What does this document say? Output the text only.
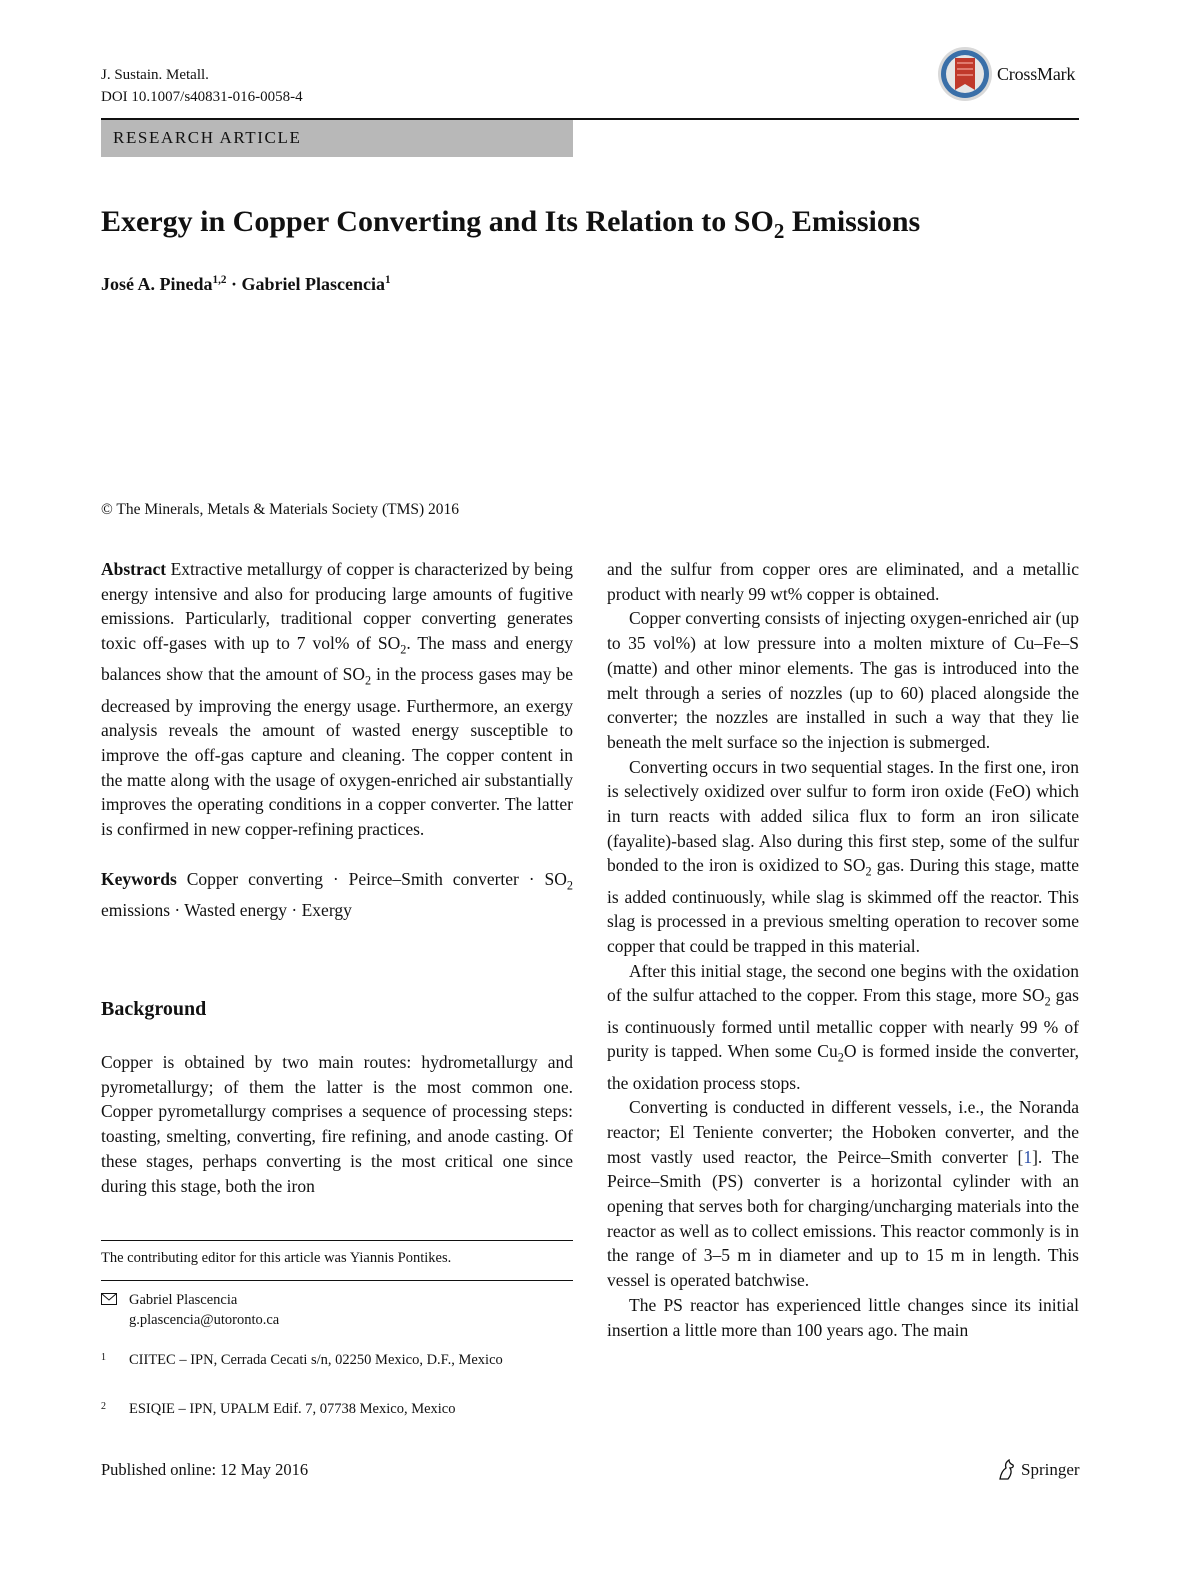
J. Sustain. Metall.
DOI 10.1007/s40831-016-0058-4
CrossMark
RESEARCH ARTICLE
Exergy in Copper Converting and Its Relation to $SO_2$ Emissions
José A. Pineda$^{1,2}$ · Gabriel Plascencia$^1$
© The Minerals, Metals & Materials Society (TMS) 2016

Abstract Extractive metallurgy of copper is characterized by being energy intensive and also for producing large amounts of fugitive emissions. Particularly, traditional copper converting generates toxic off-gases with up to 7 vol% of $SO_2$. The mass and energy balances show that the amount of $SO_2$ in the process gases may be decreased by improving the energy usage. Furthermore, an exergy analysis reveals the amount of wasted energy susceptible to improve the off-gas capture and cleaning. The copper content in the matte along with the usage of oxygen-enriched air substantially improves the operating conditions in a copper converter. The latter is confirmed in new copper-refining practices.

Keywords Copper converting · Peirce–Smith converter · $SO_2$ emissions · Wasted energy · Exergy

Background

Copper is obtained by two main routes: hydrometallurgy and pyrometallurgy; of them the latter is the most common one. Copper pyrometallurgy comprises a sequence of processing steps: toasting, smelting, converting, fire refining, and anode casting. Of these stages, perhaps converting is the most critical one since during this stage, both the iron

The contributing editor for this article was Yiannis Pontikes.
Gabriel Plascencia
g.plascencia@utoronto.ca
1 CIITEC – IPN, Cerrada Cecati s/n, 02250 Mexico, D.F., Mexico
2 ESIQIE – IPN, UPALM Edif. 7, 07738 Mexico, Mexico

and the sulfur from copper ores are eliminated, and a metallic product with nearly 99 wt% copper is obtained.

Copper converting consists of injecting oxygen-enriched air (up to 35 vol%) at low pressure into a molten mixture of Cu–Fe–S (matte) and other minor elements. The gas is introduced into the melt through a series of nozzles (up to 60) placed alongside the converter; the nozzles are installed in such a way that they lie beneath the melt surface so the injection is submerged.

Converting occurs in two sequential stages. In the first one, iron is selectively oxidized over sulfur to form iron oxide (FeO) which in turn reacts with added silica flux to form an iron silicate (fayalite)-based slag. Also during this first step, some of the sulfur bonded to the iron is oxidized to $SO_2$ gas. During this stage, matte is added continuously, while slag is skimmed off the reactor. This slag is processed in a previous smelting operation to recover some copper that could be trapped in this material.

After this initial stage, the second one begins with the oxidation of the sulfur attached to the copper. From this stage, more $SO_2$ gas is continuously formed until metallic copper with nearly 99 % of purity is tapped. When some $Cu_2O$ is formed inside the converter, the oxidation process stops.

Converting is conducted in different vessels, i.e., the Noranda reactor; El Teniente converter; the Hoboken converter, and the most vastly used reactor, the Peirce–Smith converter [1]. The Peirce–Smith (PS) converter is a horizontal cylinder with an opening that serves both for charging/uncharging materials into the reactor as well as to collect emissions. This reactor commonly is in the range of 3–5 m in diameter and up to 15 m in length. This vessel is operated batchwise.

The PS reactor has experienced little changes since its initial insertion a little more than 100 years ago. The main

Published online: 12 May 2016	Springer
